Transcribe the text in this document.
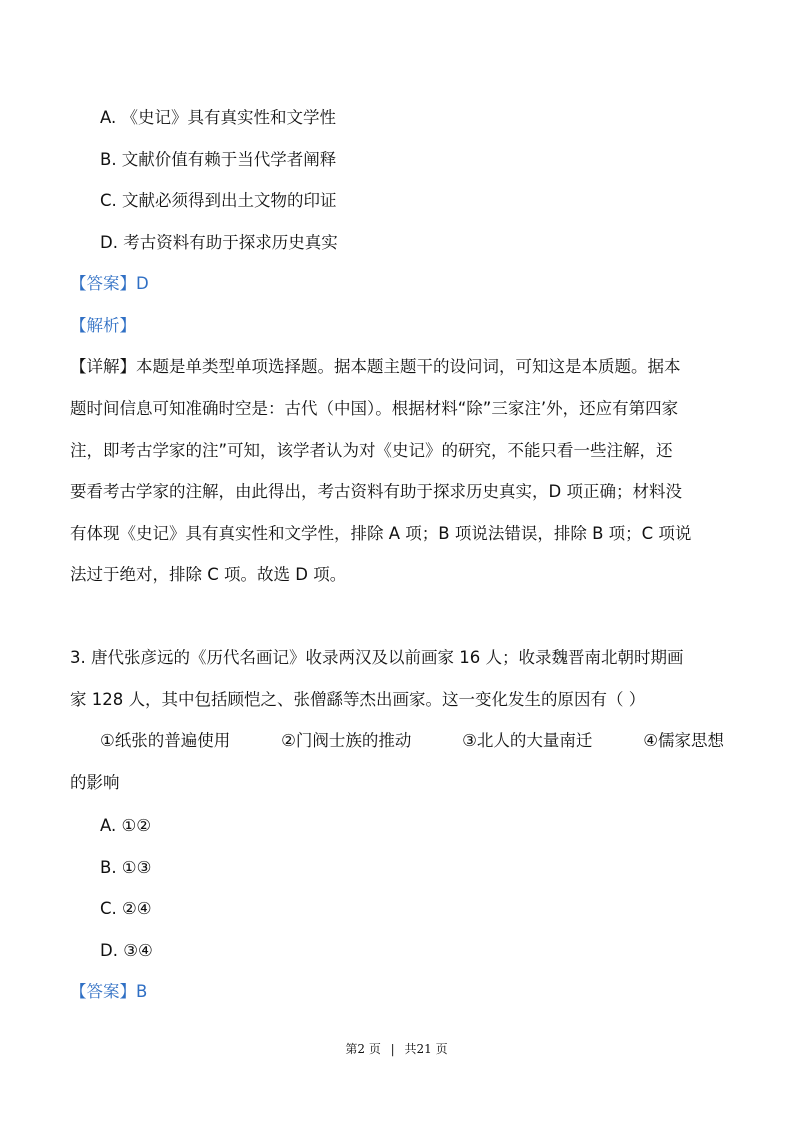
A. 《史记》具有真实性和文学性
B. 文献价值有赖于当代学者阐释
C. 文献必须得到出土文物的印证
D. 考古资料有助于探求历史真实
【答案】D
【解析】
【详解】本题是单类型单项选择题。据本题主题干的设问词，可知这是本质题。据本
题时间信息可知准确时空是：古代（中国）。根据材料“除”三家注’外，还应有第四家
注，即考古学家的注”可知，该学者认为对《史记》的研究，不能只看一些注解，还
要看考古学家的注解，由此得出，考古资料有助于探求历史真实，D 项正确；材料没
有体现《史记》具有真实性和文学性，排除 A 项；B 项说法错误，排除 B 项；C 项说
法过于绝对，排除 C 项。故选 D 项。
3. 唐代张彦远的《历代名画记》收录两汉及以前画家 16 人；收录魏晋南北朝时期画
家 128 人，其中包括顾恺之、张僧繇等杰出画家。这一变化发生的原因有（ ）
①纸张的普遍使用	②门阀士族的推动	③北人的大量南迁	④儒家思想
的影响
A. ①②
B. ①③
C. ②④
D. ③④
【答案】B
第2 页 | 共21 页
